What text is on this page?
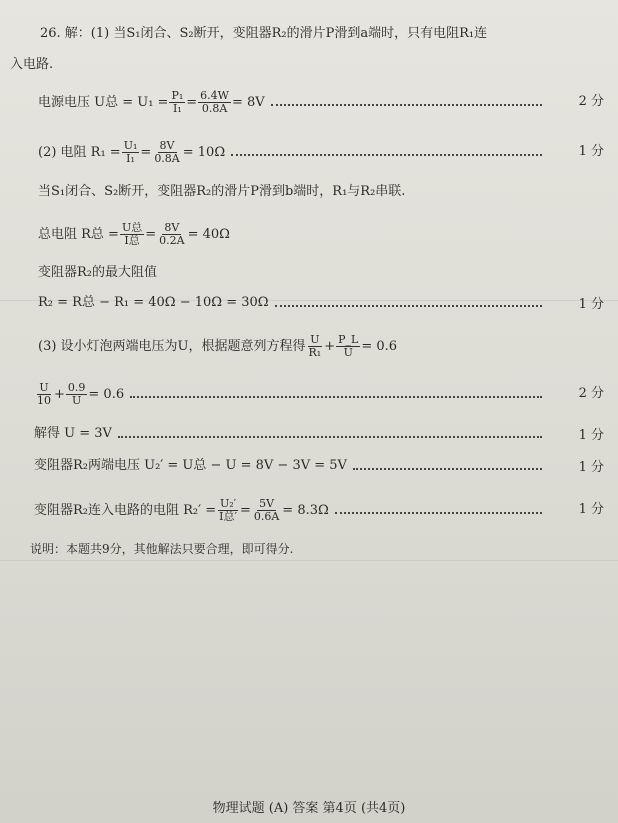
26. 解：(1) 当S₁闭合、S₂断开，变阻器R₂的滑片P滑到a端时，只有电阻R₁连
入电路.
电源电压 U总 = $U_1 = \frac{\text{P₁}}{\text{I₁}} = \frac{6.4W}{0.8A} = 8V$	2 分
(2) 电阻 $R_1 = \frac{\text{U₁}}{\text{I₁}} = \frac{8V}{0.8A} = 10\Omega$	1 分
当S₁闭合、S₂断开，变阻器R₂的滑片P滑到b端时，R₁与R₂串联.
总电阻 R总 = $\frac{\text{U总}}{\text{I总}} = \frac{8V}{0.2A} = 40\Omega$
变阻器R₂的最大阻值
R₂ = R总 − R₁ = 40Ω − 10Ω = 30Ω	1 分
(3) 设小灯泡两端电压为U，根据题意列方程得 $\frac{U}{\text{R₁}} + \frac{P\_L}{U} = 0.6$
$\frac{U}{10} + \frac{0.9}{U} = 0.6$	2 分
解得 U = 3V	1 分
变阻器R₂两端电压 U₂′ = U总 − U = 8V − 3V = 5V	1 分
变阻器R₂连入电路的电阻 $R_2' = \frac{\text{U₂′}}{\text{I总′}} = \frac{5V}{0.6A} = 8.3\Omega$	1 分
说明：本题共9分，其他解法只要合理，即可得分.
物理试题 (A) 答案 第4页 (共4页)
